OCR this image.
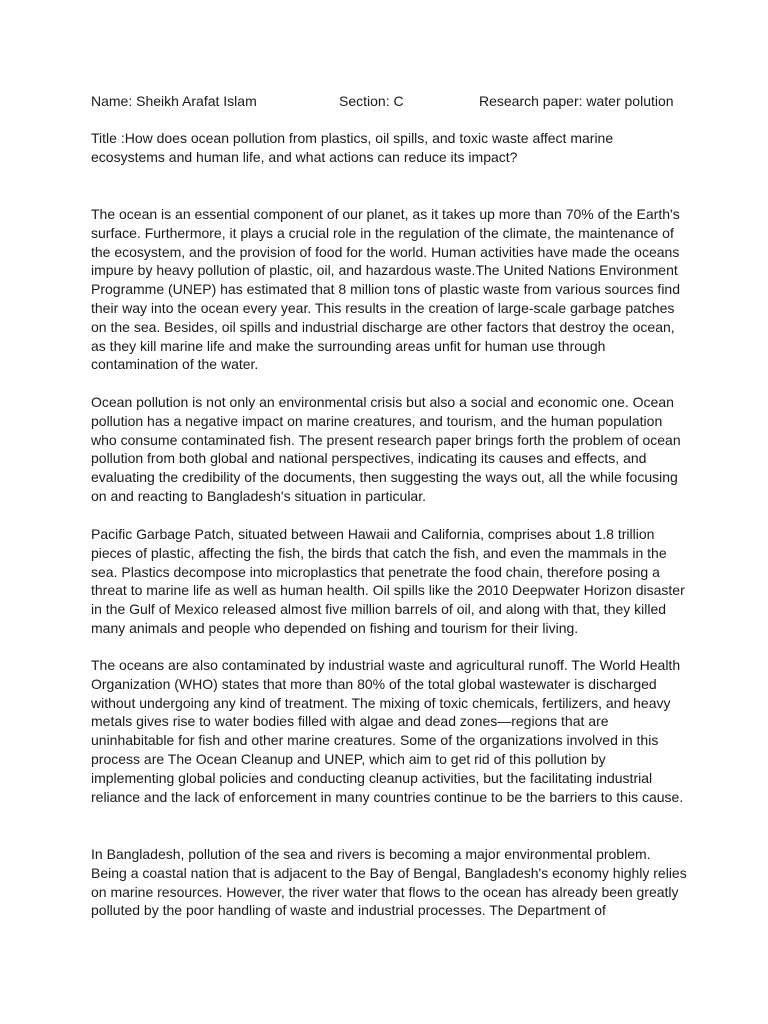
Name: Sheikh Arafat Islam	Section: C	Research paper: water polution
Title :How does ocean pollution from plastics, oil spills, and toxic waste affect marine
ecosystems and human life, and what actions can reduce its impact?
The ocean is an essential component of our planet, as it takes up more than 70% of the Earth's
surface. Furthermore, it plays a crucial role in the regulation of the climate, the maintenance of
the ecosystem, and the provision of food for the world. Human activities have made the oceans
impure by heavy pollution of plastic, oil, and hazardous waste.The United Nations Environment
Programme (UNEP) has estimated that 8 million tons of plastic waste from various sources find
their way into the ocean every year. This results in the creation of large-scale garbage patches
on the sea. Besides, oil spills and industrial discharge are other factors that destroy the ocean,
as they kill marine life and make the surrounding areas unfit for human use through
contamination of the water.
Ocean pollution is not only an environmental crisis but also a social and economic one. Ocean
pollution has a negative impact on marine creatures, and tourism, and the human population
who consume contaminated fish. The present research paper brings forth the problem of ocean
pollution from both global and national perspectives, indicating its causes and effects, and
evaluating the credibility of the documents, then suggesting the ways out, all the while focusing
on and reacting to Bangladesh's situation in particular.
Pacific Garbage Patch, situated between Hawaii and California, comprises about 1.8 trillion
pieces of plastic, affecting the fish, the birds that catch the fish, and even the mammals in the
sea. Plastics decompose into microplastics that penetrate the food chain, therefore posing a
threat to marine life as well as human health. Oil spills like the 2010 Deepwater Horizon disaster
in the Gulf of Mexico released almost five million barrels of oil, and along with that, they killed
many animals and people who depended on fishing and tourism for their living.
The oceans are also contaminated by industrial waste and agricultural runoff. The World Health
Organization (WHO) states that more than 80% of the total global wastewater is discharged
without undergoing any kind of treatment. The mixing of toxic chemicals, fertilizers, and heavy
metals gives rise to water bodies filled with algae and dead zones—regions that are
uninhabitable for fish and other marine creatures. Some of the organizations involved in this
process are The Ocean Cleanup and UNEP, which aim to get rid of this pollution by
implementing global policies and conducting cleanup activities, but the facilitating industrial
reliance and the lack of enforcement in many countries continue to be the barriers to this cause.
In Bangladesh, pollution of the sea and rivers is becoming a major environmental problem.
Being a coastal nation that is adjacent to the Bay of Bengal, Bangladesh's economy highly relies
on marine resources. However, the river water that flows to the ocean has already been greatly
polluted by the poor handling of waste and industrial processes. The Department of
